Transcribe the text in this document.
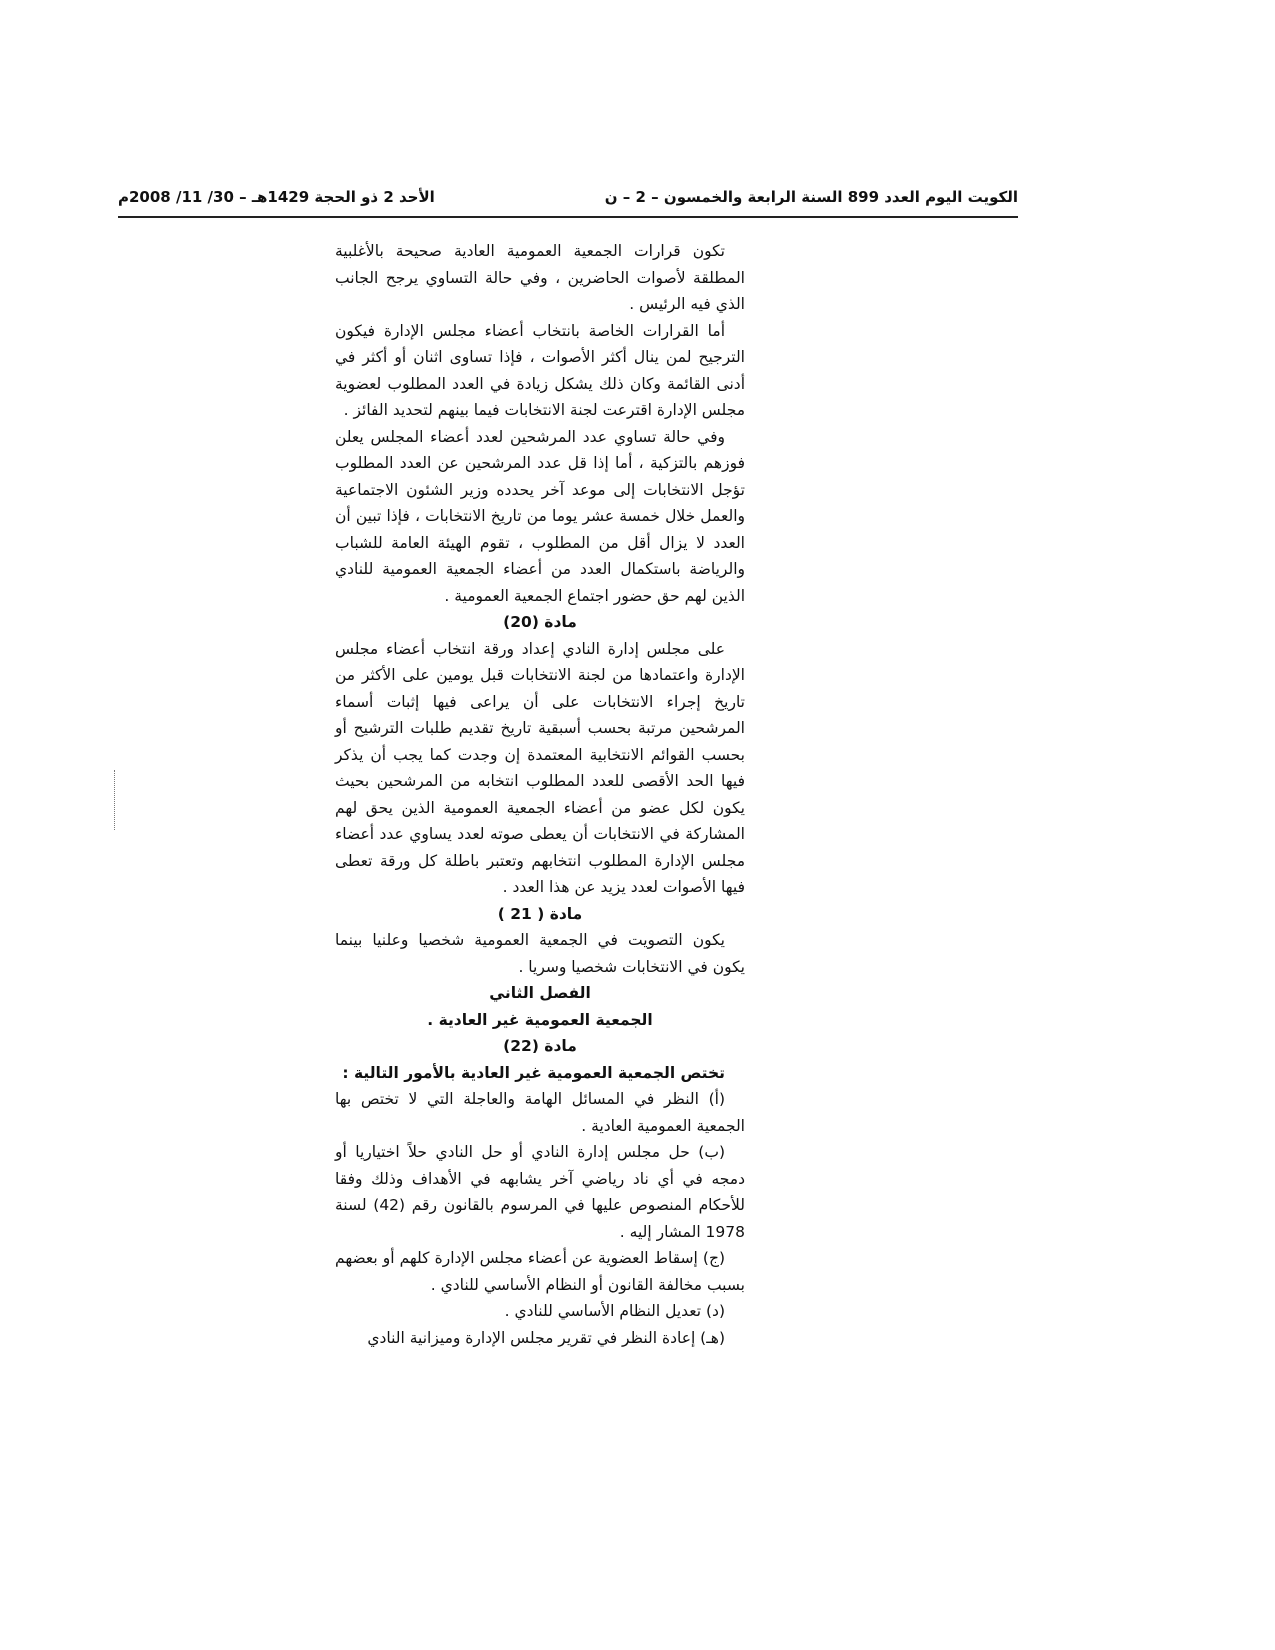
الكويت اليوم العدد 899 السنة الرابعة والخمسون – 2 – ن
الأحد 2 ذو الحجة 1429هـ – 30/ 11/ 2008م

تكون قرارات الجمعية العمومية العادية صحيحة بالأغلبية المطلقة لأصوات الحاضرين ، وفي حالة التساوي يرجح الجانب الذي فيه الرئيس .

أما القرارات الخاصة بانتخاب أعضاء مجلس الإدارة فيكون الترجيح لمن ينال أكثر الأصوات ، فإذا تساوى اثنان أو أكثر في أدنى القائمة وكان ذلك يشكل زيادة في العدد المطلوب لعضوية مجلس الإدارة اقترعت لجنة الانتخابات فيما بينهم لتحديد الفائز .

وفي حالة تساوي عدد المرشحين لعدد أعضاء المجلس يعلن فوزهم بالتزكية ، أما إذا قل عدد المرشحين عن العدد المطلوب تؤجل الانتخابات إلى موعد آخر يحدده وزير الشئون الاجتماعية والعمل خلال خمسة عشر يوما من تاريخ الانتخابات ، فإذا تبين أن العدد لا يزال أقل من المطلوب ، تقوم الهيئة العامة للشباب والرياضة باستكمال العدد من أعضاء الجمعية العمومية للنادي الذين لهم حق حضور اجتماع الجمعية العمومية .

مادة (20)

على مجلس إدارة النادي إعداد ورقة انتخاب أعضاء مجلس الإدارة واعتمادها من لجنة الانتخابات قبل يومين على الأكثر من تاريخ إجراء الانتخابات على أن يراعى فيها إثبات أسماء المرشحين مرتبة بحسب أسبقية تاريخ تقديم طلبات الترشيح أو بحسب القوائم الانتخابية المعتمدة إن وجدت كما يجب أن يذكر فيها الحد الأقصى للعدد المطلوب انتخابه من المرشحين بحيث يكون لكل عضو من أعضاء الجمعية العمومية الذين يحق لهم المشاركة في الانتخابات أن يعطى صوته لعدد يساوي عدد أعضاء مجلس الإدارة المطلوب انتخابهم وتعتبر باطلة كل ورقة تعطى فيها الأصوات لعدد يزيد عن هذا العدد .

مادة ( 21 )

يكون التصويت في الجمعية العمومية شخصيا وعلنيا بينما يكون في الانتخابات شخصيا وسريا .

الفصل الثاني

الجمعية العمومية غير العادية .

مادة (22)

تختص الجمعية العمومية غير العادية بالأمور التالية :

(أ) النظر في المسائل الهامة والعاجلة التي لا تختص بها الجمعية العمومية العادية .

(ب) حل مجلس إدارة النادي أو حل النادي حلاً اختياريا أو دمجه في أي ناد رياضي آخر يشابهه في الأهداف وذلك وفقا للأحكام المنصوص عليها في المرسوم بالقانون رقم (42) لسنة 1978 المشار إليه .

(ج) إسقاط العضوية عن أعضاء مجلس الإدارة كلهم أو بعضهم بسبب مخالفة القانون أو النظام الأساسي للنادي .

(د) تعديل النظام الأساسي للنادي .

(هـ) إعادة النظر في تقرير مجلس الإدارة وميزانية النادي
